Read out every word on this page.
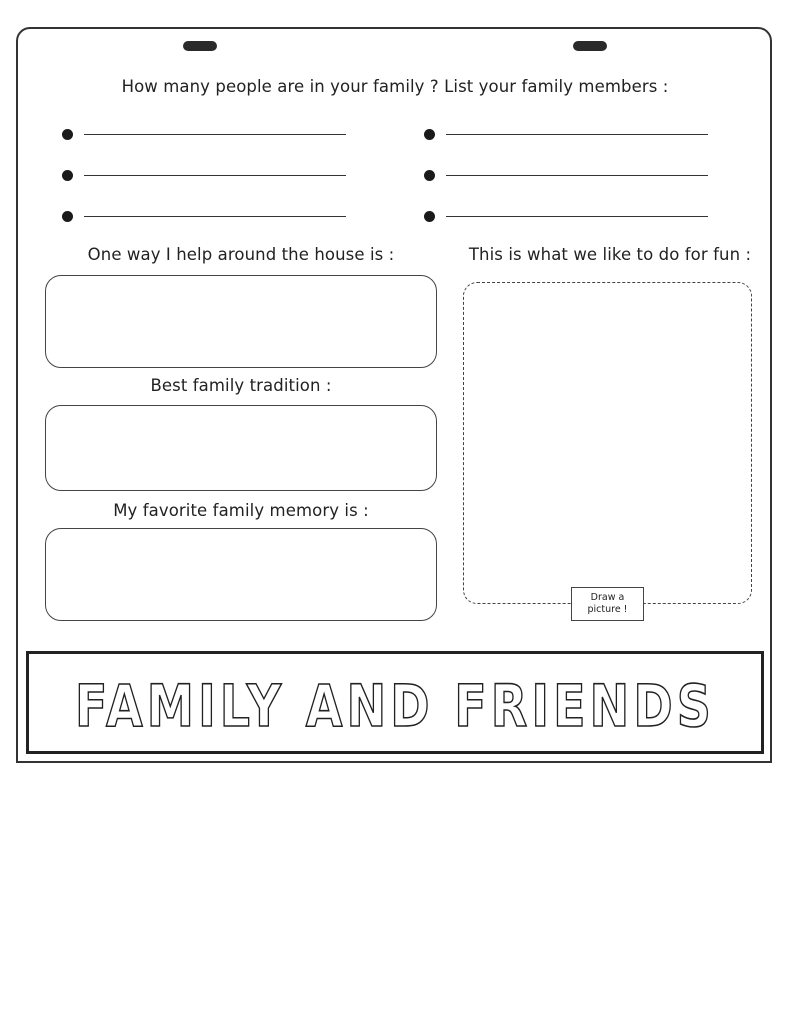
How many people are in your family ? List your family members :
One way I help around the house is :	This is what we like to do for fun :
Best family tradition :
My favorite family memory is :
Draw a
picture !
FAMILY AND FRIENDS
